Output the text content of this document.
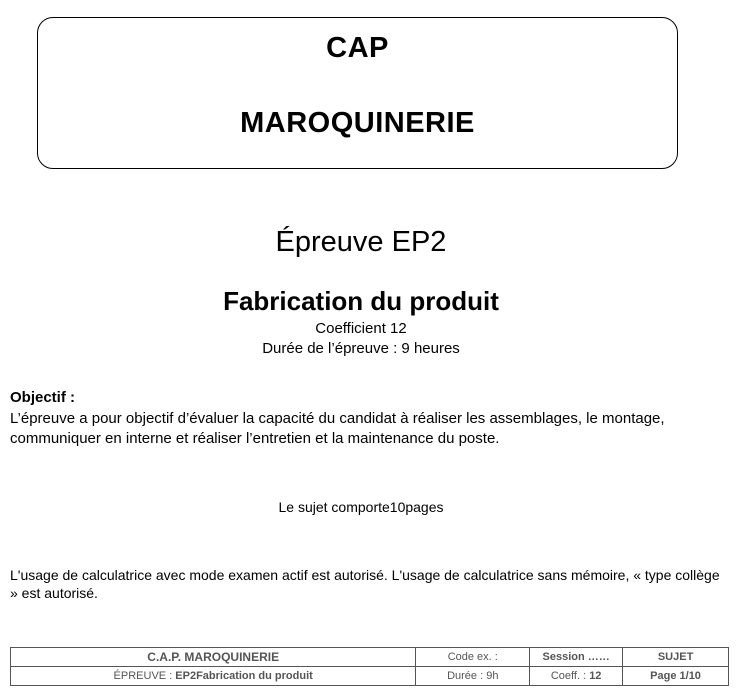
CAP
MAROQUINERIE
Épreuve EP2
Fabrication du produit
Coefficient 12
Durée de l’épreuve : 9 heures
Objectif :
L’épreuve a pour objectif d’évaluer la capacité du candidat à réaliser les assemblages, le montage, communiquer en interne et réaliser l’entretien et la maintenance du poste.
Le sujet comporte10pages
L'usage de calculatrice avec mode examen actif est autorisé. L'usage de calculatrice sans mémoire, « type collège » est autorisé.
C.A.P. MAROQUINERIE	Code ex. :	Session ……	SUJET
ÉPREUVE : EP2Fabrication du produit	Durée : 9h	Coeff. : 12	Page 1/10
